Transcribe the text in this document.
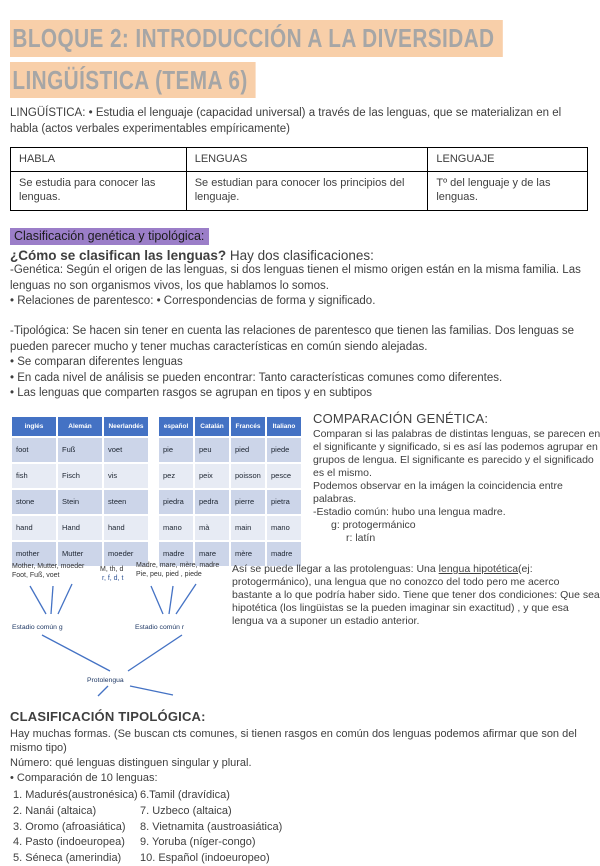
BLOQUE 2: INTRODUCCIÓN A LA DIVERSIDAD
LINGÜÍSTICA (TEMA 6)

LINGÜÍSTICA: • Estudia el lenguaje (capacidad universal) a través de las lenguas, que se materializan en el habla (actos verbales experimentables empíricamente)

HABLA	LENGUAS	LENGUAJE
Se estudia para conocer las lenguas.	Se estudian para conocer los principios del lenguaje.	Tº del lenguaje y de las lenguas.
Clasificación genética y tipológica:

¿Cómo se clasifican las lenguas? Hay dos clasificaciones:

-Genética: Según el origen de las lenguas, si dos lenguas tienen el mismo origen están en la misma familia. Las lenguas no son organismos vivos, los que hablamos lo somos.

• Relaciones de parentesco: • Correspondencias de forma y significado.

-Tipológica: Se hacen sin tener en cuenta las relaciones de parentesco que tienen las familias. Dos lenguas se pueden parecer mucho y tener muchas características en común siendo alejadas.

• Se comparan diferentes lenguas
• En cada nivel de análisis se pueden encontrar: Tanto características comunes como diferentes.
• Las lenguas que comparten rasgos se agrupan en tipos y en subtipos
inglés	Alemán	Neerlandés
foot	Fuß	voet
fish	Fisch	vis
stone	Stein	steen
hand	Hand	hand
mother	Mutter	moeder
español	Catalán	Francés	Italiano
pie	peu	pied	piede
pez	peix	poisson	pesce
piedra	pedra	pierre	pietra
mano	mà	main	mano
madre	mare	mère	madre
COMPARACIÓN GENÉTICA:

Comparan si las palabras de distintas lenguas, se parecen en el significante y significado, si es así las podemos agrupar en grupos de lengua. El significante es parecido y el significado es el mismo.

Podemos observar en la imágen la coincidencia entre palabras.

-Estadio común: hubo una lengua madre.

g: protogermánico

r: latín

Así se puede llegar a las protolenguas: Una lengua hipotética(ej: protogermánico), una lengua que no conozco del todo pero me acerco bastante a lo que podría haber sido. Tiene que tener dos condiciones: Que sea hipotética (los lingüistas se la pueden imaginar sin exactitud) , y que esa lengua va a suponer un estadio anterior.

Mother, Mutter, moeder
Foot, Fuß, voet
M, th, d
r, f, d, t
Madre, mare, mère, madre
Pie, peu, pied , piede
Estadio común g	Estadio común r
Protolengua
CLASIFICACIÓN TIPOLÓGICA:

Hay muchas formas. (Se buscan cts comunes, si tienen rasgos en común dos lenguas podemos afirmar que son del mismo tipo)

Número: qué lenguas distinguen singular y plural.

• Comparación de 10 lenguas:

1. Madurés(austronésica)
2. Nanái (altaica)
3. Oromo (afroasiática)
4. Pasto (indoeuropea)
5. Séneca (amerindia)
6.Tamil (dravídica)
7. Uzbeco (altaica)
8. Vietnamita (austroasiática)
9. Yoruba (níger-congo)
10. Español (indoeuropeo)
